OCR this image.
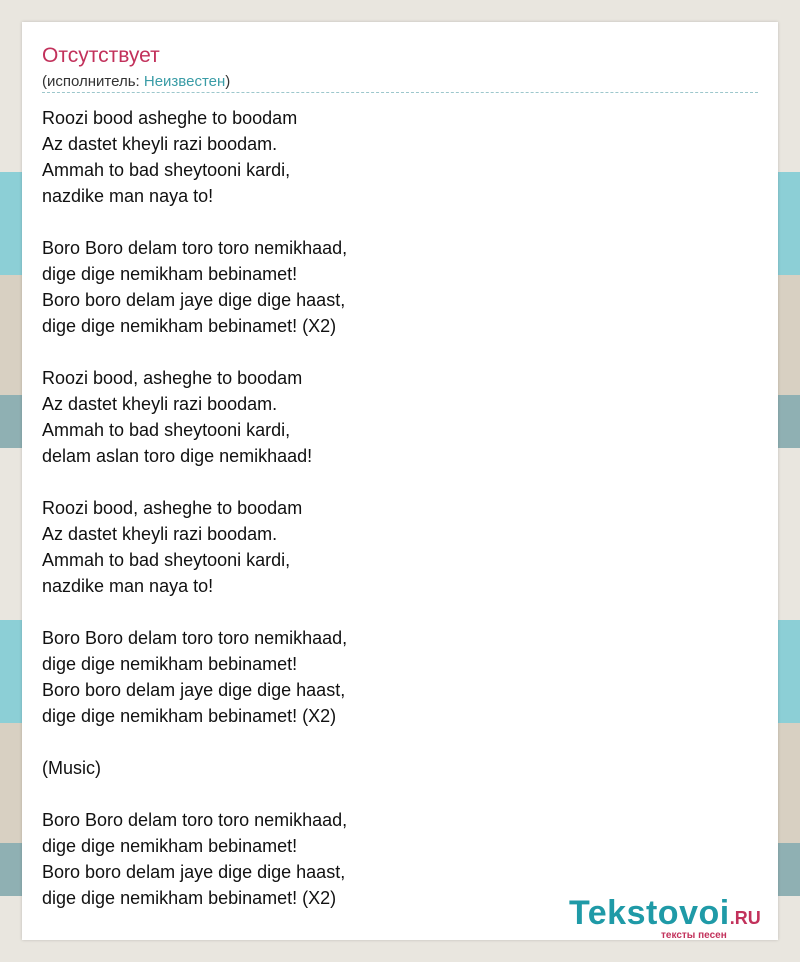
Отсутствует
(исполнитель: Неизвестен)
Roozi bood asheghe to boodam
Az dastet kheyli razi boodam.
Ammah to bad sheytooni kardi,
nazdike man naya to!
Boro Boro delam toro toro nemikhaad,
dige dige nemikham bebinamet!
Boro boro delam jaye dige dige haast,
dige dige nemikham bebinamet! (X2)
Roozi bood, asheghe to boodam
Az dastet kheyli razi boodam.
Ammah to bad sheytooni kardi,
delam aslan toro dige nemikhaad!
Roozi bood, asheghe to boodam
Az dastet kheyli razi boodam.
Ammah to bad sheytooni kardi,
nazdike man naya to!
Boro Boro delam toro toro nemikhaad,
dige dige nemikham bebinamet!
Boro boro delam jaye dige dige haast,
dige dige nemikham bebinamet! (X2)
(Music)
Boro Boro delam toro toro nemikhaad,
dige dige nemikham bebinamet!
Boro boro delam jaye dige dige haast,
dige dige nemikham bebinamet! (X2)	Tekstovoi.RU
тексты песен
